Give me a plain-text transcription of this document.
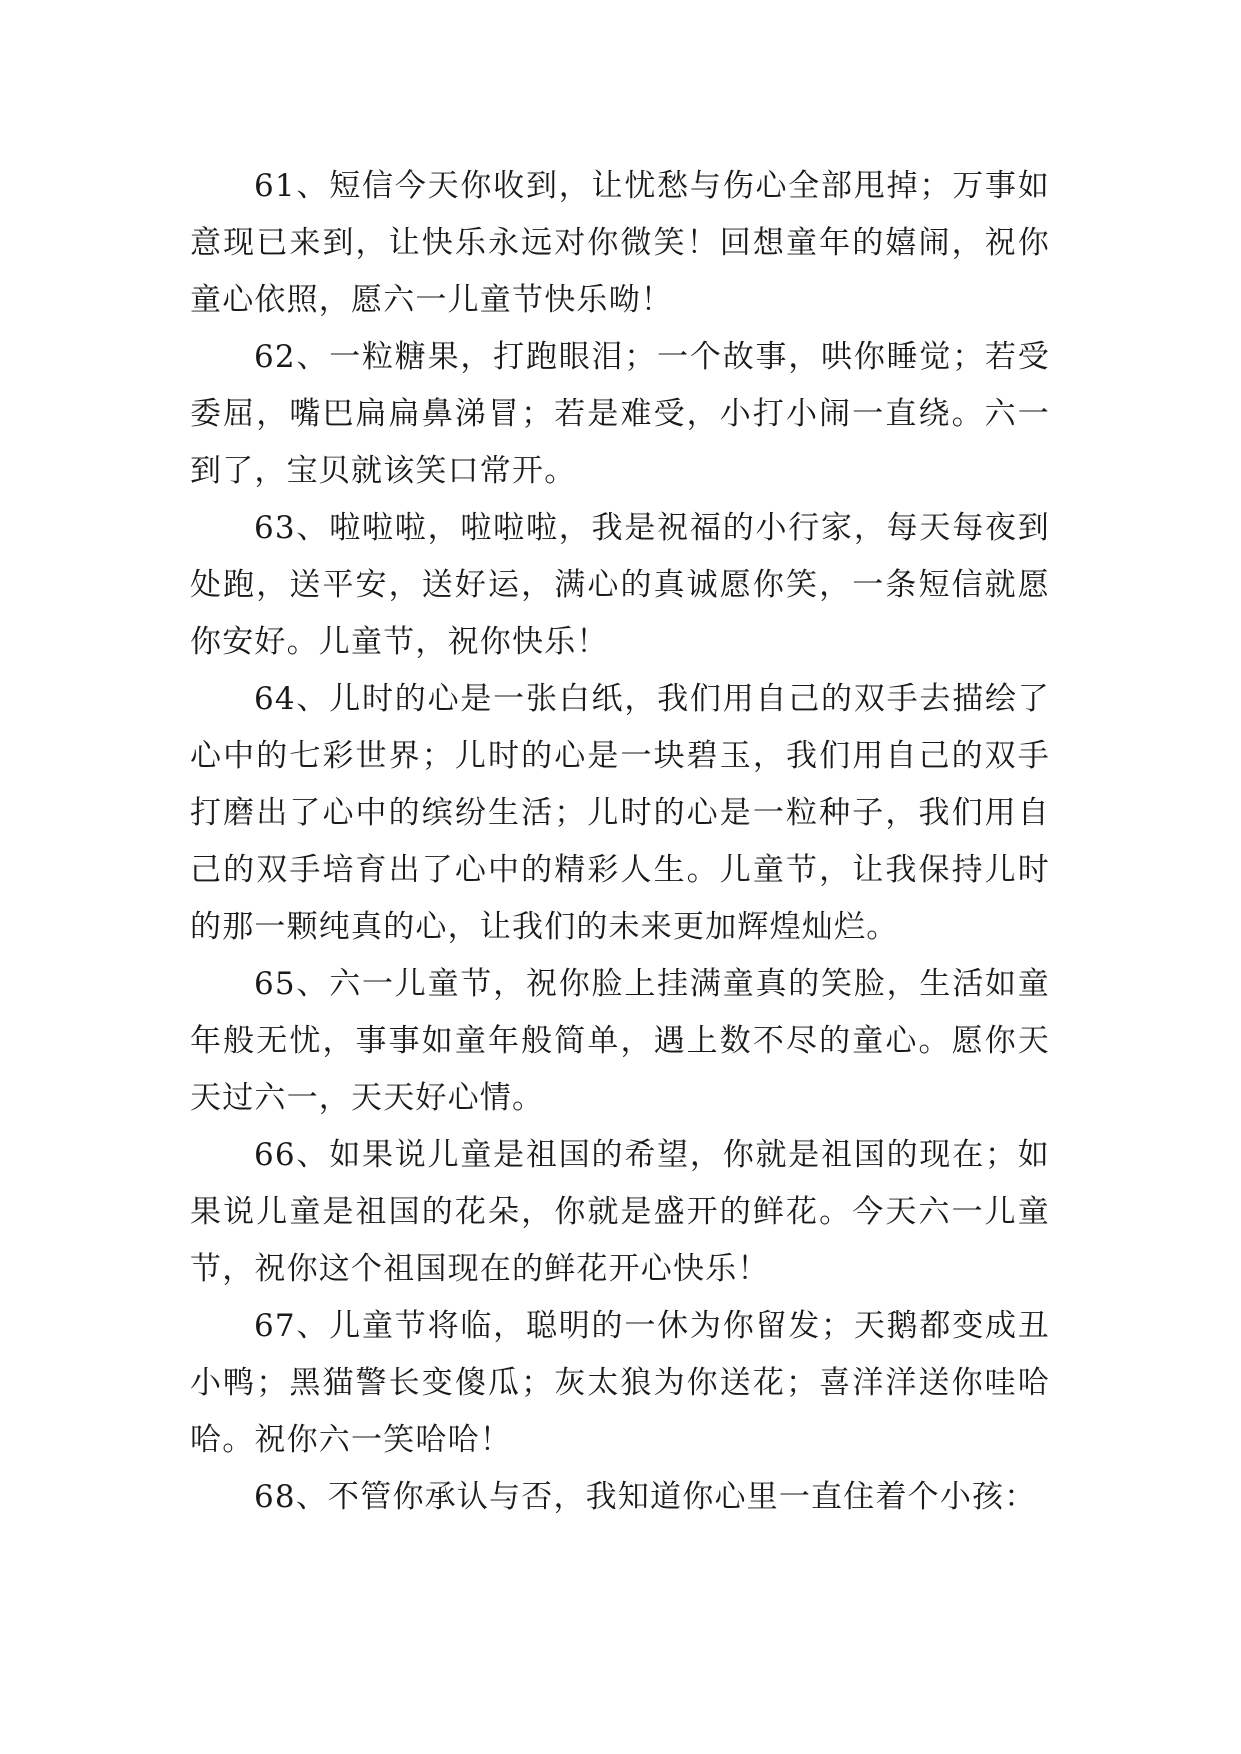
61、短信今天你收到，让忧愁与伤心全部甩掉；万事如意现已来到，让快乐永远对你微笑！回想童年的嬉闹，祝你童心依照，愿六一儿童节快乐呦！

62、一粒糖果，打跑眼泪；一个故事，哄你睡觉；若受委屈，嘴巴扁扁鼻涕冒；若是难受，小打小闹一直绕。六一到了，宝贝就该笑口常开。

63、啦啦啦，啦啦啦，我是祝福的小行家，每天每夜到处跑，送平安，送好运，满心的真诚愿你笑，一条短信就愿你安好。儿童节，祝你快乐！

64、儿时的心是一张白纸，我们用自己的双手去描绘了心中的七彩世界；儿时的心是一块碧玉，我们用自己的双手打磨出了心中的缤纷生活；儿时的心是一粒种子，我们用自己的双手培育出了心中的精彩人生。儿童节，让我保持儿时的那一颗纯真的心，让我们的未来更加辉煌灿烂。

65、六一儿童节，祝你脸上挂满童真的笑脸，生活如童年般无忧，事事如童年般简单，遇上数不尽的童心。愿你天天过六一，天天好心情。

66、如果说儿童是祖国的希望，你就是祖国的现在；如果说儿童是祖国的花朵，你就是盛开的鲜花。今天六一儿童节，祝你这个祖国现在的鲜花开心快乐！

67、儿童节将临，聪明的一休为你留发；天鹅都变成丑小鸭；黑猫警长变傻瓜；灰太狼为你送花；喜洋洋送你哇哈哈。祝你六一笑哈哈！

68、不管你承认与否，我知道你心里一直住着个小孩：
